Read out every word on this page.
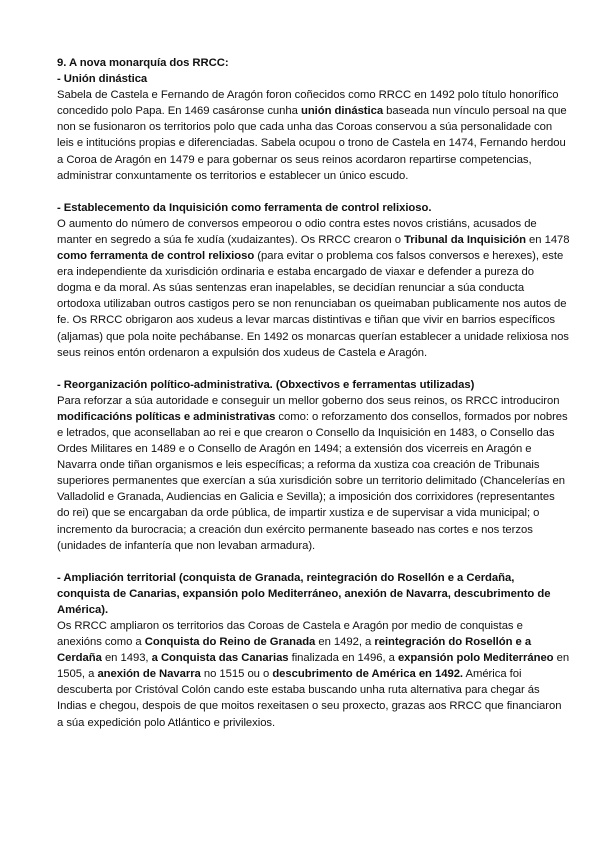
9. A nova monarquía dos RRCC:

- Unión dinástica

Sabela de Castela e Fernando de Aragón foron coñecidos como RRCC en 1492 polo título honorífico concedido polo Papa. En 1469 casáronse cunha unión dinástica baseada nun vínculo persoal na que non se fusionaron os territorios polo que cada unha das Coroas conservou a súa personalidade con leis e intitucións propias e diferenciadas. Sabela ocupou o trono de Castela en 1474, Fernando herdou a Coroa de Aragón en 1479 e para gobernar os seus reinos acordaron repartirse competencias, administrar conxuntamente os territorios e establecer un único escudo.

- Establecemento da Inquisición como ferramenta de control relixioso.

O aumento do número de conversos empeorou o odio contra estes novos cristiáns, acusados de manter en segredo a súa fe xudía (xudaizantes). Os RRCC crearon o Tribunal da Inquisición en 1478 como ferramenta de control relixioso (para evitar o problema cos falsos conversos e herexes), este era independiente da xurisdición ordinaria e estaba encargado de viaxar e defender a pureza do dogma e da moral. As súas sentenzas eran inapelables, se decidían renunciar a súa conducta ortodoxa utilizaban outros castigos pero se non renunciaban os queimaban publicamente nos autos de fe. Os RRCC obrigaron aos xudeus a levar marcas distintivas e tiñan que vivir en barrios específicos (aljamas) que pola noite pechábanse. En 1492 os monarcas querían establecer a unidade relixiosa nos seus reinos entón ordenaron a expulsión dos xudeus de Castela e Aragón.

- Reorganización político-administrativa. (Obxectivos e ferramentas utilizadas)

Para reforzar a súa autoridade e conseguir un mellor goberno dos seus reinos, os RRCC introduciron modificacións políticas e administrativas como: o reforzamento dos consellos, formados por nobres e letrados, que aconsellaban ao rei e que crearon o Consello da Inquisición en 1483, o Consello das Ordes Militares en 1489 e o Consello de Aragón en 1494; a extensión dos vicerreis en Aragón e Navarra onde tiñan organismos e leis específicas; a reforma da xustiza coa creación de Tribunais superiores permanentes que exercían a súa xurisdición sobre un territorio delimitado (Chancelerías en Valladolid e Granada, Audiencias en Galicia e Sevilla); a imposición dos corrixidores (representantes do rei) que se encargaban da orde pública, de impartir xustiza e de supervisar a vida municipal; o incremento da burocracia; a creación dun exército permanente baseado nas cortes e nos terzos (unidades de infantería que non levaban armadura).

- Ampliación territorial (conquista de Granada, reintegración do Rosellón e a Cerdaña, conquista de Canarias, expansión polo Mediterráneo, anexión de Navarra, descubrimento de América).

Os RRCC ampliaron os territorios das Coroas de Castela e Aragón por medio de conquistas e anexións como a Conquista do Reino de Granada en 1492, a reintegración do Rosellón e a Cerdaña en 1493, a Conquista das Canarias finalizada en 1496, a expansión polo Mediterráneo en 1505, a anexión de Navarra no 1515 ou o descubrimento de América en 1492. América foi descuberta por Cristóval Colón cando este estaba buscando unha ruta alternativa para chegar ás Indias e chegou, despois de que moitos rexeitasen o seu proxecto, grazas aos RRCC que financiaron a súa expedición polo Atlántico e privilexios.
